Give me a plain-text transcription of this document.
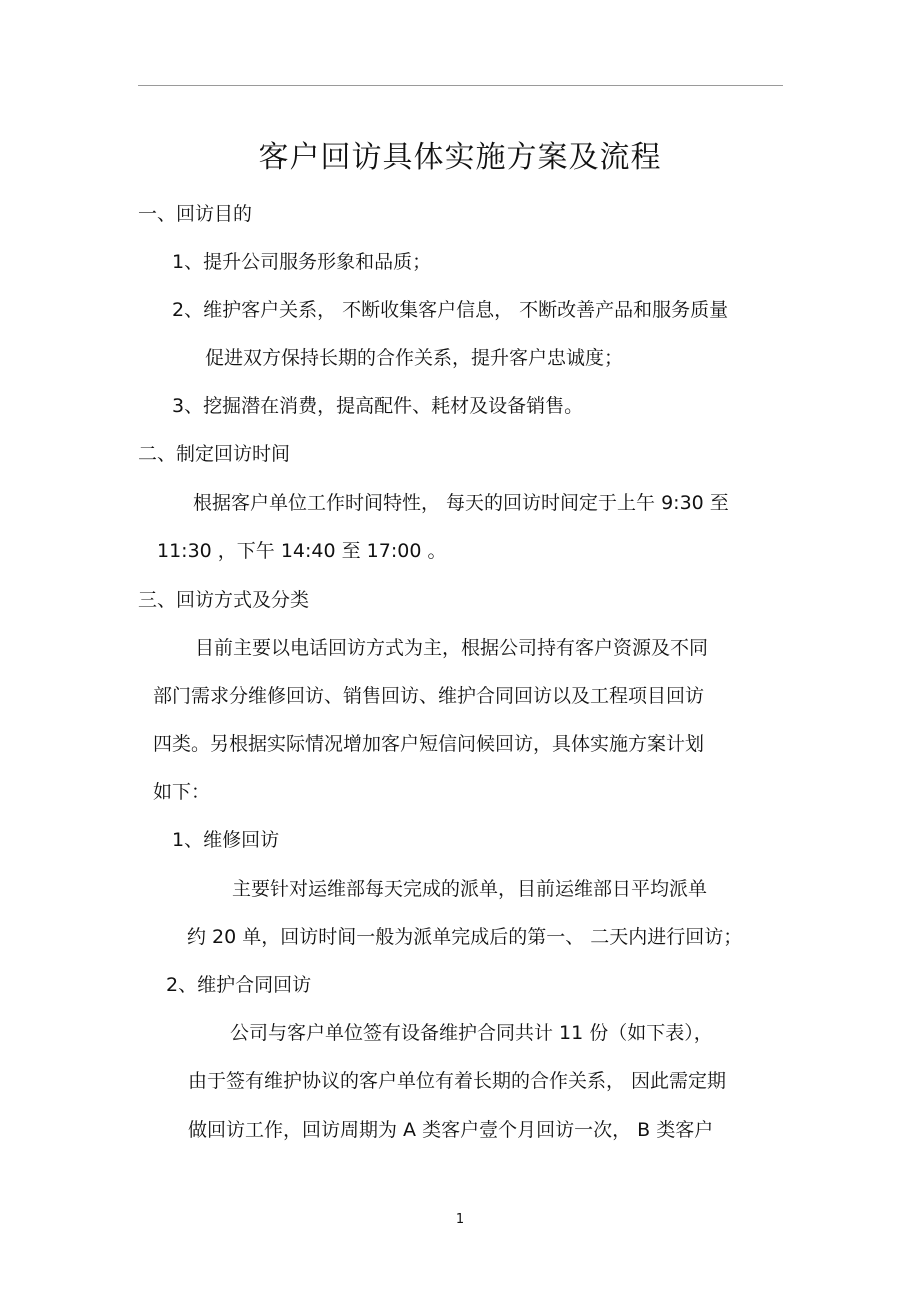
客户回访具体实施方案及流程
一、回访目的
1、提升公司服务形象和品质；
2、维护客户关系， 不断收集客户信息， 不断改善产品和服务质量
促进双方保持长期的合作关系，提升客户忠诚度；
3、挖掘潜在消费，提高配件、耗材及设备销售。
二、制定回访时间
根据客户单位工作时间特性， 每天的回访时间定于上午 9:30 至
11:30 ，下午 14:40 至 17:00 。
三、回访方式及分类
目前主要以电话回访方式为主，根据公司持有客户资源及不同
部门需求分维修回访、销售回访、维护合同回访以及工程项目回访
四类。另根据实际情况增加客户短信问候回访，具体实施方案计划
如下：
1、维修回访
主要针对运维部每天完成的派单，目前运维部日平均派单
约 20 单，回访时间一般为派单完成后的第一、 二天内进行回访；
2、维护合同回访
公司与客户单位签有设备维护合同共计 11 份（如下表），
由于签有维护协议的客户单位有着长期的合作关系， 因此需定期
做回访工作，回访周期为 A 类客户壹个月回访一次， B 类客户
1
